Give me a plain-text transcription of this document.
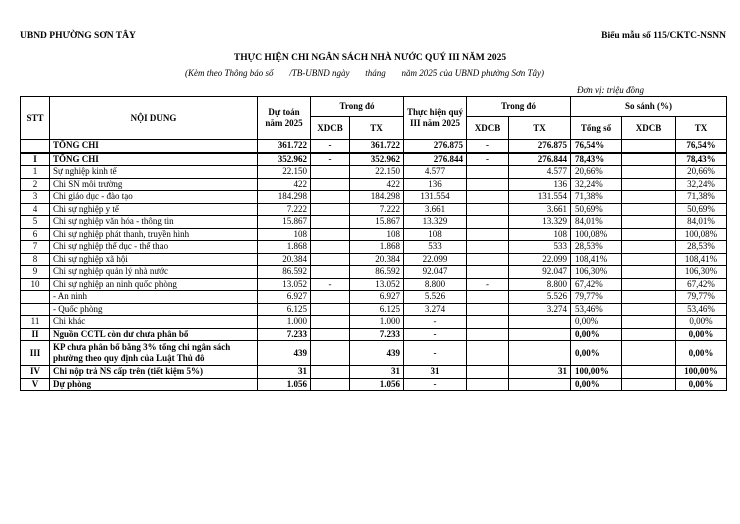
UBND PHƯỜNG SƠN TÂY	Biểu mẫu số 115/CKTC-NSNN
THỰC HIỆN CHI NGÂN SÁCH NHÀ NƯỚC QUÝ III NĂM 2025
(Kèm theo Thông báo số       /TB-UBND ngày       tháng       năm 2025 của UBND phường Sơn Tây)
Đơn vị: triệu đồng
STT	NỘI DUNG	Dự toán năm 2025	Trong đó		Thực hiện quý III năm 2025	Trong đó		So sánh (%)		
			XDCB	TX		XDCB	TX	Tổng số	XDCB	TX
	TỔNG CHI	361.722	-	361.722	276.875	-	276.875	76,54%		76,54%
I	TỔNG CHI	352.962	-	352.962	276.844	-	276.844	78,43%		78,43%
1	Sự nghiệp kinh tế	22.150		22.150	4.577		4.577	20,66%		20,66%
2	Chi SN môi trường	422		422	136		136	32,24%		32,24%
3	Chi giáo dục - đào tạo	184.298		184.298	131.554		131.554	71,38%		71,38%
4	Chi sự nghiệp y tế	7.222		7.222	3.661		3.661	50,69%		50,69%
5	Chi sự nghiệp văn hóa - thông tin	15.867		15.867	13.329		13.329	84,01%		84,01%
6	Chi sự nghiệp phát thanh, truyền hình	108		108	108		108	100,08%		100,08%
7	Chi sự nghiệp thể dục - thể thao	1.868		1.868	533		533	28,53%		28,53%
8	Chi sự nghiệp xã hội	20.384		20.384	22.099		22.099	108,41%		108,41%
9	Chi sự nghiệp quản lý nhà nước	86.592		86.592	92.047		92.047	106,30%		106,30%
10	Chi sự nghiệp an ninh quốc phòng	13.052	-	13.052	8.800	-	8.800	67,42%		67,42%
	- An ninh	6.927		6.927	5.526		5.526	79,77%		79,77%
	- Quốc phòng	6.125		6.125	3.274		3.274	53,46%		53,46%
11	Chi khác	1.000		1.000	-			0,00%		0,00%
II	Nguồn CCTL còn dư chưa phân bổ	7.233		7.233	-			0,00%		0,00%
III	KP chưa phân bổ bằng 3% tổng chi ngân sách phường theo quy định của Luật Thủ đô	439		439	-			0,00%		0,00%
IV	Chi nộp trả NS cấp trên (tiết kiệm 5%)	31		31	31		31	100,00%		100,00%
V	Dự phòng	1.056		1.056	-			0,00%		0,00%
